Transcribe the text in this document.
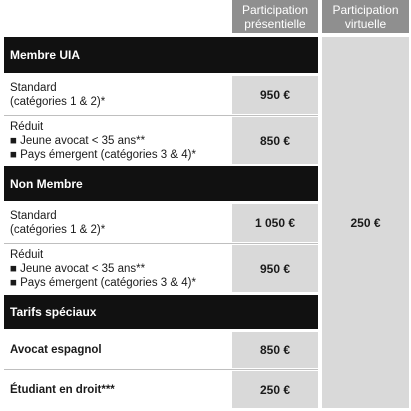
Participation
présentielle
Participation
virtuelle
Membre UIA
Standard
(catégories 1 & 2)*	950 €
Réduit
■ Jeune avocat < 35 ans**
■ Pays émergent (catégories 3 & 4)*
850 €
Non Membre
Standard
(catégories 1 & 2)*	1 050 €
Réduit
■ Jeune avocat < 35 ans**
■ Pays émergent (catégories 3 & 4)*
950 €
Tarifs spéciaux
Avocat espagnol	850 €
Étudiant en droit***	250 €
250 €
